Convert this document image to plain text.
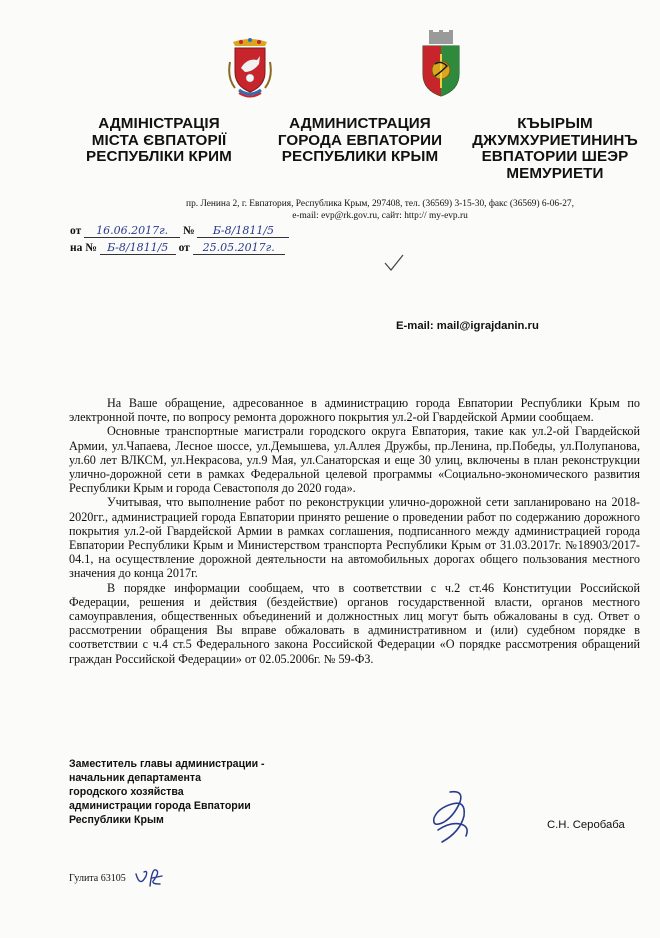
АДМІНІСТРАЦІЯ
МІСТА ЄВПАТОРІЇ
РЕСПУБЛІКИ КРИМ
АДМИНИСТРАЦИЯ
ГОРОДА ЕВПАТОРИИ
РЕСПУБЛИКИ КРЫМ
КЪЫРЫМ
ДЖУМХУРИЕТИНИНЪ
ЕВПАТОРИИ ШЕЭР
МЕМУРИЕТИ
пр. Ленина 2, г. Евпатория, Республика Крым, 297408, тел. (36569) 3-15-30, факс (36569) 6-06-27,
e-mail: evp@rk.gov.ru, сайт: http:// my-evp.ru
от 16.06.2017г. № Б-8/1811/5
на № Б-8/1811/5 от 25.05.2017г.
E-mail: mail@igrajdanin.ru

На Ваше обращение, адресованное в администрацию города Евпатории Республики Крым по электронной почте, по вопросу ремонта дорожного покрытия ул.2-ой Гвардейской Армии сообщаем.

Основные транспортные магистрали городского округа Евпатория, такие как ул.2-ой Гвардейской Армии, ул.Чапаева, Лесное шоссе, ул.Демышева, ул.Аллея Дружбы, пр.Ленина, пр.Победы, ул.Полупанова, ул.60 лет ВЛКСМ, ул.Некрасова, ул.9 Мая, ул.Санаторская и еще 30 улиц, включены в план реконструкции улично-дорожной сети в рамках Федеральной целевой программы «Социально-экономического развития Республики Крым и города Севастополя до 2020 года».

Учитывая, что выполнение работ по реконструкции улично-дорожной сети запланировано на 2018-2020гг., администрацией города Евпатории принято решение о проведении работ по содержанию дорожного покрытия ул.2-ой Гвардейской Армии в рамках соглашения, подписанного между администрацией города Евпатории Республики Крым и Министерством транспорта Республики Крым от 31.03.2017г. №18903/2017-04.1, на осуществление дорожной деятельности на автомобильных дорогах общего пользования местного значения до конца 2017г.

В порядке информации сообщаем, что в соответствии с ч.2 ст.46 Конституции Российской Федерации, решения и действия (бездействие) органов государственной власти, органов местного самоуправления, общественных объединений и должностных лиц могут быть обжалованы в суд. Ответ о рассмотрении обращения Вы вправе обжаловать в административном и (или) судебном порядке в соответствии с ч.4 ст.5 Федерального закона Российской Федерации «О порядке рассмотрения обращений граждан Российской Федерации» от 02.05.2006г. № 59-ФЗ.

Заместитель главы администрации -
начальник департамента
городского хозяйства
администрации города Евпатории
Республики Крым	С.Н. Серобаба
Гулита 63105
